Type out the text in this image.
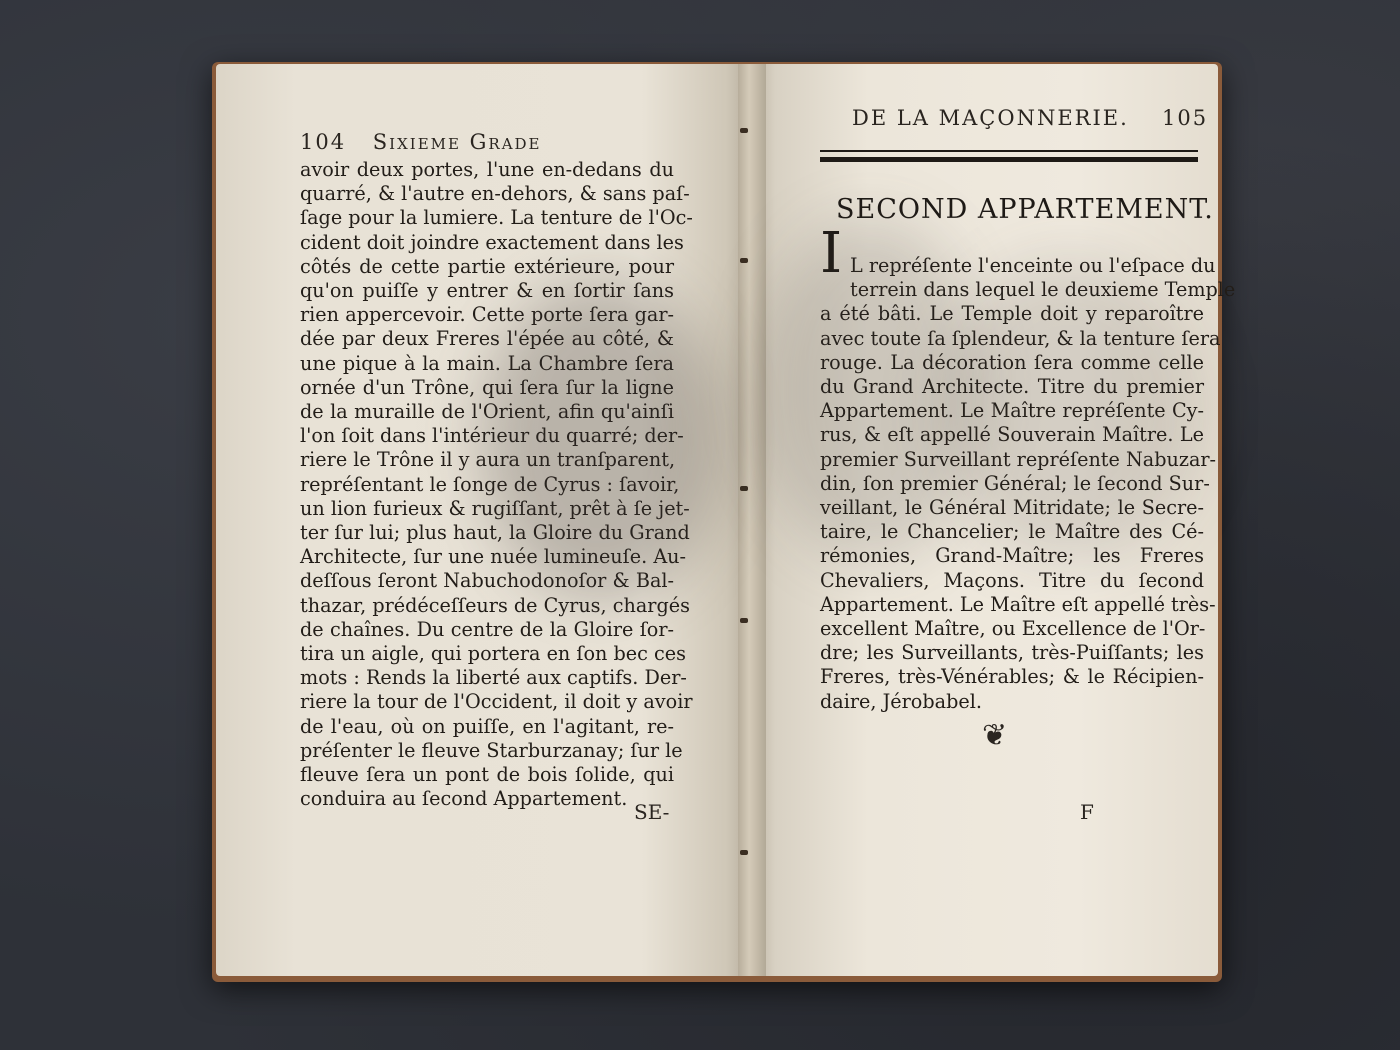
104 Sixieme Grade
avoir deux portes, l'une en-dedans du
quarré, & l'autre en-dehors, & sans paſ-
ſage pour la lumiere. La tenture de l'Oc-
cident doit joindre exactement dans les
côtés de cette partie extérieure, pour
qu'on puiſſe y entrer & en ſortir ſans
rien appercevoir. Cette porte ſera gar-
dée par deux Freres l'épée au côté, &
une pique à la main. La Chambre ſera
ornée d'un Trône, qui ſera ſur la ligne
de la muraille de l'Orient, afin qu'ainſi
l'on ſoit dans l'intérieur du quarré; der-
riere le Trône il y aura un tranſparent,
repréſentant le ſonge de Cyrus : ſavoir,
un lion furieux & rugiſſant, prêt à ſe jet-
ter ſur lui; plus haut, la Gloire du Grand
Architecte, ſur une nuée lumineuſe. Au-
deſſous ſeront Nabuchodonoſor & Bal-
thazar, prédéceſſeurs de Cyrus, chargés
de chaînes. Du centre de la Gloire ſor-
tira un aigle, qui portera en ſon bec ces
mots : Rends la liberté aux captifs. Der-
riere la tour de l'Occident, il doit y avoir
de l'eau, où on puiſſe, en l'agitant, re-
préſenter le fleuve Starburzanay; ſur le
fleuve ſera un pont de bois ſolide, qui
conduira au ſecond Appartement.
SE-
DE LA MAÇONNERIE. 105
SECOND APPARTEMENT.
I L repréſente l'enceinte ou l'eſpace du
terrein dans lequel le deuxieme Temple
a été bâti. Le Temple doit y reparoître
avec toute ſa ſplendeur, & la tenture ſera
rouge. La décoration ſera comme celle
du Grand Architecte. Titre du premier
Appartement. Le Maître repréſente Cy-
rus, & eſt appellé Souverain Maître. Le
premier Surveillant repréſente Nabuzar-
din, ſon premier Général; le ſecond Sur-
veillant, le Général Mitridate; le Secre-
taire, le Chancelier; le Maître des Cé-
rémonies, Grand-Maître; les Freres
Chevaliers, Maçons. Titre du ſecond
Appartement. Le Maître eſt appellé très-
excellent Maître, ou Excellence de l'Or-
dre; les Surveillants, très-Puiſſants; les
Freres, très-Vénérables; & le Récipien-
daire, Jérobabel.
❦
F
